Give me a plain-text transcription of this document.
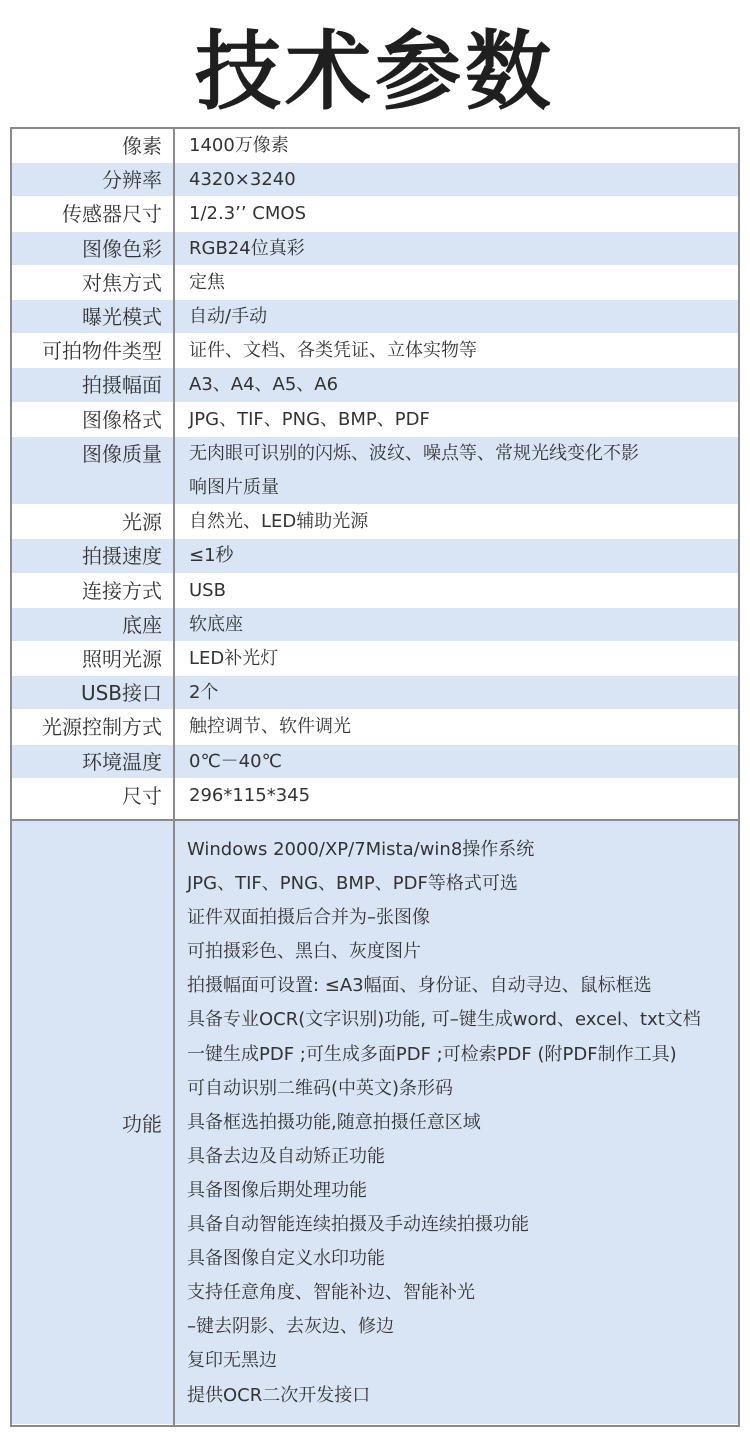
技术参数
像素 1400万像素
分辨率 4320×3240
传感器尺寸 1/2.3’’ CMOS
图像色彩 RGB24位真彩
对焦方式 定焦
曝光模式 自动/手动
可拍物件类型 证件、文档、各类凭证、立体实物等
拍摄幅面 A3、A4、A5、A6
图像格式 JPG、TIF、PNG、BMP、PDF
图像质量 无肉眼可识别的闪烁、波纹、噪点等、常规光线变化不影
响图片质量
光源 自然光、LED辅助光源
拍摄速度 ≤1秒
连接方式 USB
底座 软底座
照明光源 LED补光灯
USB接口 2个
光源控制方式 触控调节、软件调光
环境温度 0℃－40℃
尺寸 296*115*345
功能
Windows 2000/XP/7Mista/win8操作系统
JPG、TIF、PNG、BMP、PDF等格式可选
证件双面拍摄后合并为–张图像
可拍摄彩色、黑白、灰度图片
拍摄幅面可设置: ≤A3幅面、身份证、自动寻边、鼠标框选
具备专业OCR(文字识别)功能, 可–键生成word、excel、txt文档
一键生成PDF ;可生成多面PDF ;可检索PDF (附PDF制作工具)
可自动识别二维码(中英文)条形码
具备框选拍摄功能,随意拍摄任意区域
具备去边及自动矫正功能
具备图像后期处理功能
具备自动智能连续拍摄及手动连续拍摄功能
具备图像自定义水印功能
支持任意角度、智能补边、智能补光
–键去阴影、去灰边、修边
复印无黑边
提供OCR二次开发接口
